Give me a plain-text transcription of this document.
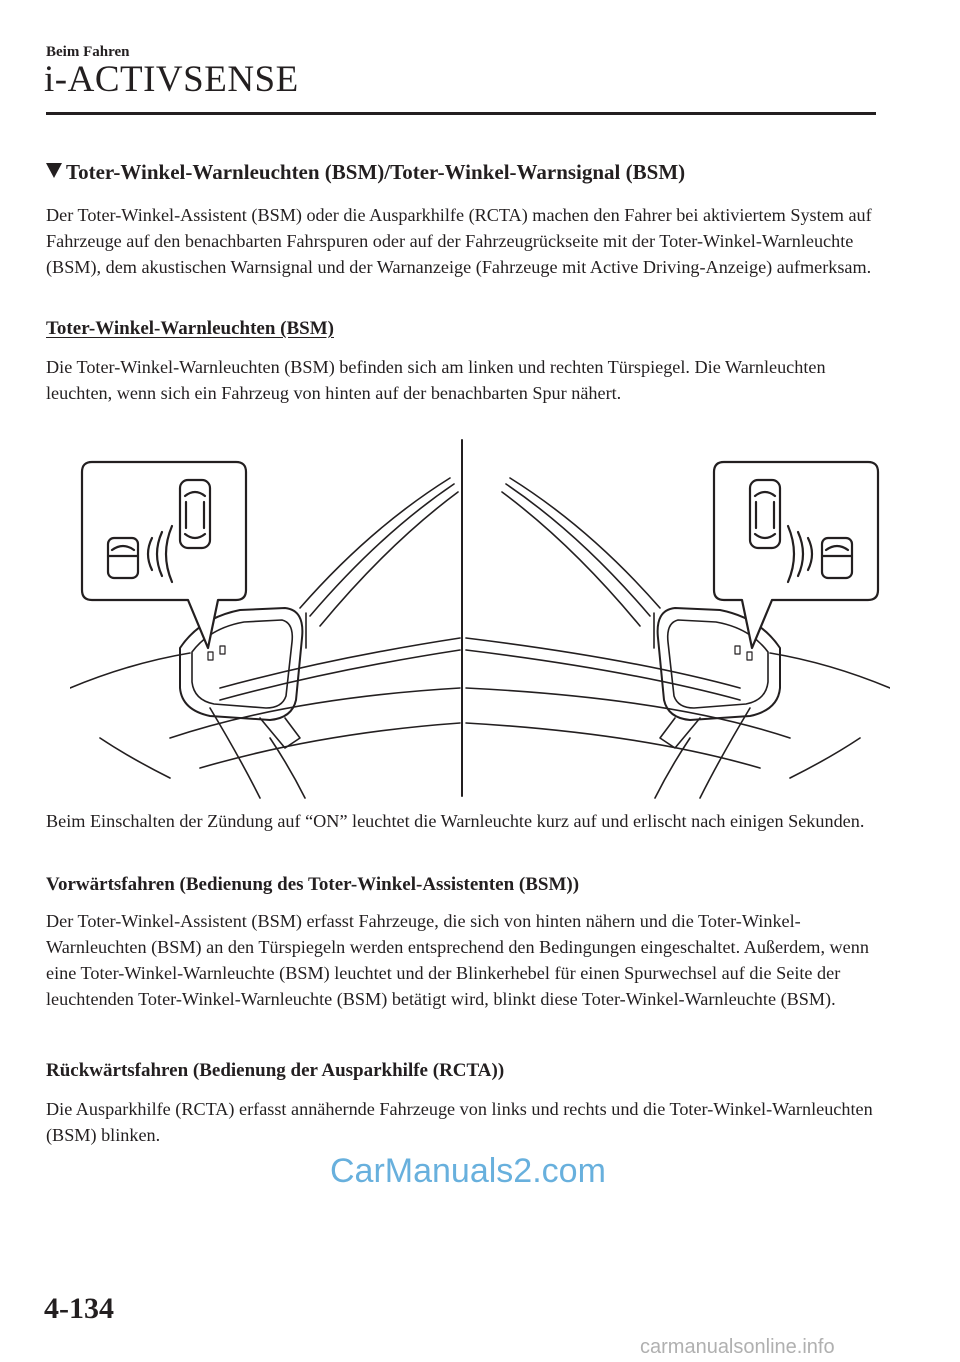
Beim Fahren
i-ACTIVSENSE
Toter-Winkel-Warnleuchten (BSM)/Toter-Winkel-Warnsignal (BSM)
Der Toter-Winkel-Assistent (BSM) oder die Ausparkhilfe (RCTA) machen den Fahrer bei aktiviertem System auf Fahrzeuge auf den benachbarten Fahrspuren oder auf der Fahrzeugrückseite mit der Toter-Winkel-Warnleuchte (BSM), dem akustischen Warnsignal und der Warnanzeige (Fahrzeuge mit Active Driving-Anzeige) aufmerksam.
Toter-Winkel-Warnleuchten (BSM)
Die Toter-Winkel-Warnleuchten (BSM) befinden sich am linken und rechten Türspiegel. Die Warnleuchten leuchten, wenn sich ein Fahrzeug von hinten auf der benachbarten Spur nähert.
Beim Einschalten der Zündung auf “ON” leuchtet die Warnleuchte kurz auf und erlischt nach einigen Sekunden.
Vorwärtsfahren (Bedienung des Toter-Winkel-Assistenten (BSM))
Der Toter-Winkel-Assistent (BSM) erfasst Fahrzeuge, die sich von hinten nähern und die Toter-Winkel-Warnleuchten (BSM) an den Türspiegeln werden entsprechend den Bedingungen eingeschaltet. Außerdem, wenn eine Toter-Winkel-Warnleuchte (BSM) leuchtet und der Blinkerhebel für einen Spurwechsel auf die Seite der leuchtenden Toter-Winkel-Warnleuchte (BSM) betätigt wird, blinkt diese Toter-Winkel-Warnleuchte (BSM).
Rückwärtsfahren (Bedienung der Ausparkhilfe (RCTA))
Die Ausparkhilfe (RCTA) erfasst annähernde Fahrzeuge von links und rechts und die Toter-Winkel-Warnleuchten (BSM) blinken.
CarManuals2.com
4-134
carmanualsonline.info
